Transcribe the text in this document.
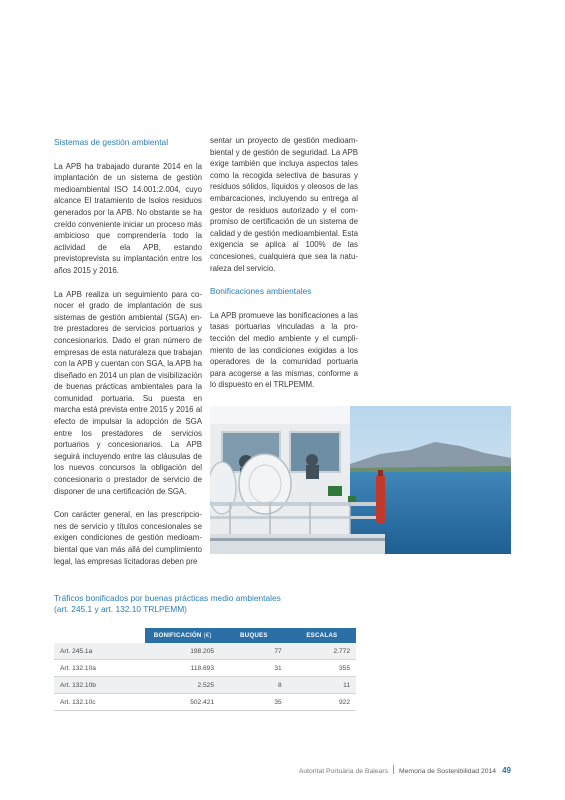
Sistemas de gestión ambiental

La APB ha trabajado durante 2014 en la implantación de un sistema de gestión medioambiental ISO 14.001:2.004, cuyo alcance El tratamiento de lsolos residuos generados por la APB. No obstante se ha creído conveniente iniciar un proceso más ambicioso que comprendería todo la actividad de ela APB, estando previstoprevista su implantación entre los años 2015 y 2016.

La APB realiza un seguimiento para conocer el grado de implantación de sus sistemas de gestión ambiental (SGA) entre prestadores de servicios portuarios y concesionarios. Dado el gran número de empresas de esta naturaleza que trabajan con la APB y cuentan con SGA, la APB ha diseñado en 2014 un plan de visibilización de buenas prácticas ambientales para la comunidad portuaria. Su puesta en marcha está prevista entre 2015 y 2016 al efecto de impulsar la adopción de SGA entre los prestadores de servicios portuarios y concesionarios. La APB seguirá incluyendo entre las cláusulas de los nuevos concursos la obligación del concesionario o prestador de servicio de disponer de una certificación de SGA.

Con carácter general, en las prescripciones de servicio y títulos concesionales se exigen condiciones de gestión medioambiental que van más allá del cumplimiento legal, las empresas licitadoras deben pre

sentar un proyecto de gestión medioambiental y de gestión de seguridad. La APB exige también que incluya aspectos tales como la recogida selectiva de basuras y residuos sólidos, líquidos y oleosos de las embarcaciones, incluyendo su entrega al gestor de residuos autorizado y el compromiso de certificación de un sistema de calidad y de gestión medioambiental. Esta exigencia se aplica al 100% de las concesiones, cualquiera que sea la naturaleza del servicio.

Bonificaciones ambientales

La APB promueve las bonificaciones a las tasas portuarias vinculadas a la protección del medio ambiente y el cumplimiento de las condiciones exigidas a los operadores de la comunidad portuaria para acogerse a las mismas, conforme a lo dispuesto en el TRLPEMM.

Tráficos bonificados por buenas prácticas medio ambientales
(art. 245.1 y art. 132.10 TRLPEMM)

	BONIFICACIÓN (€)	BUQUES	ESCALAS
Art. 245.1a	198.205	77	2.772
Art. 132.10a	118.693	31	355
Art. 132.10b	2.525	8	11
Art. 132.10c	502.421	35	922
Autoritat Portuària de Balears Memoria de Sostenibilidad 2014 49
